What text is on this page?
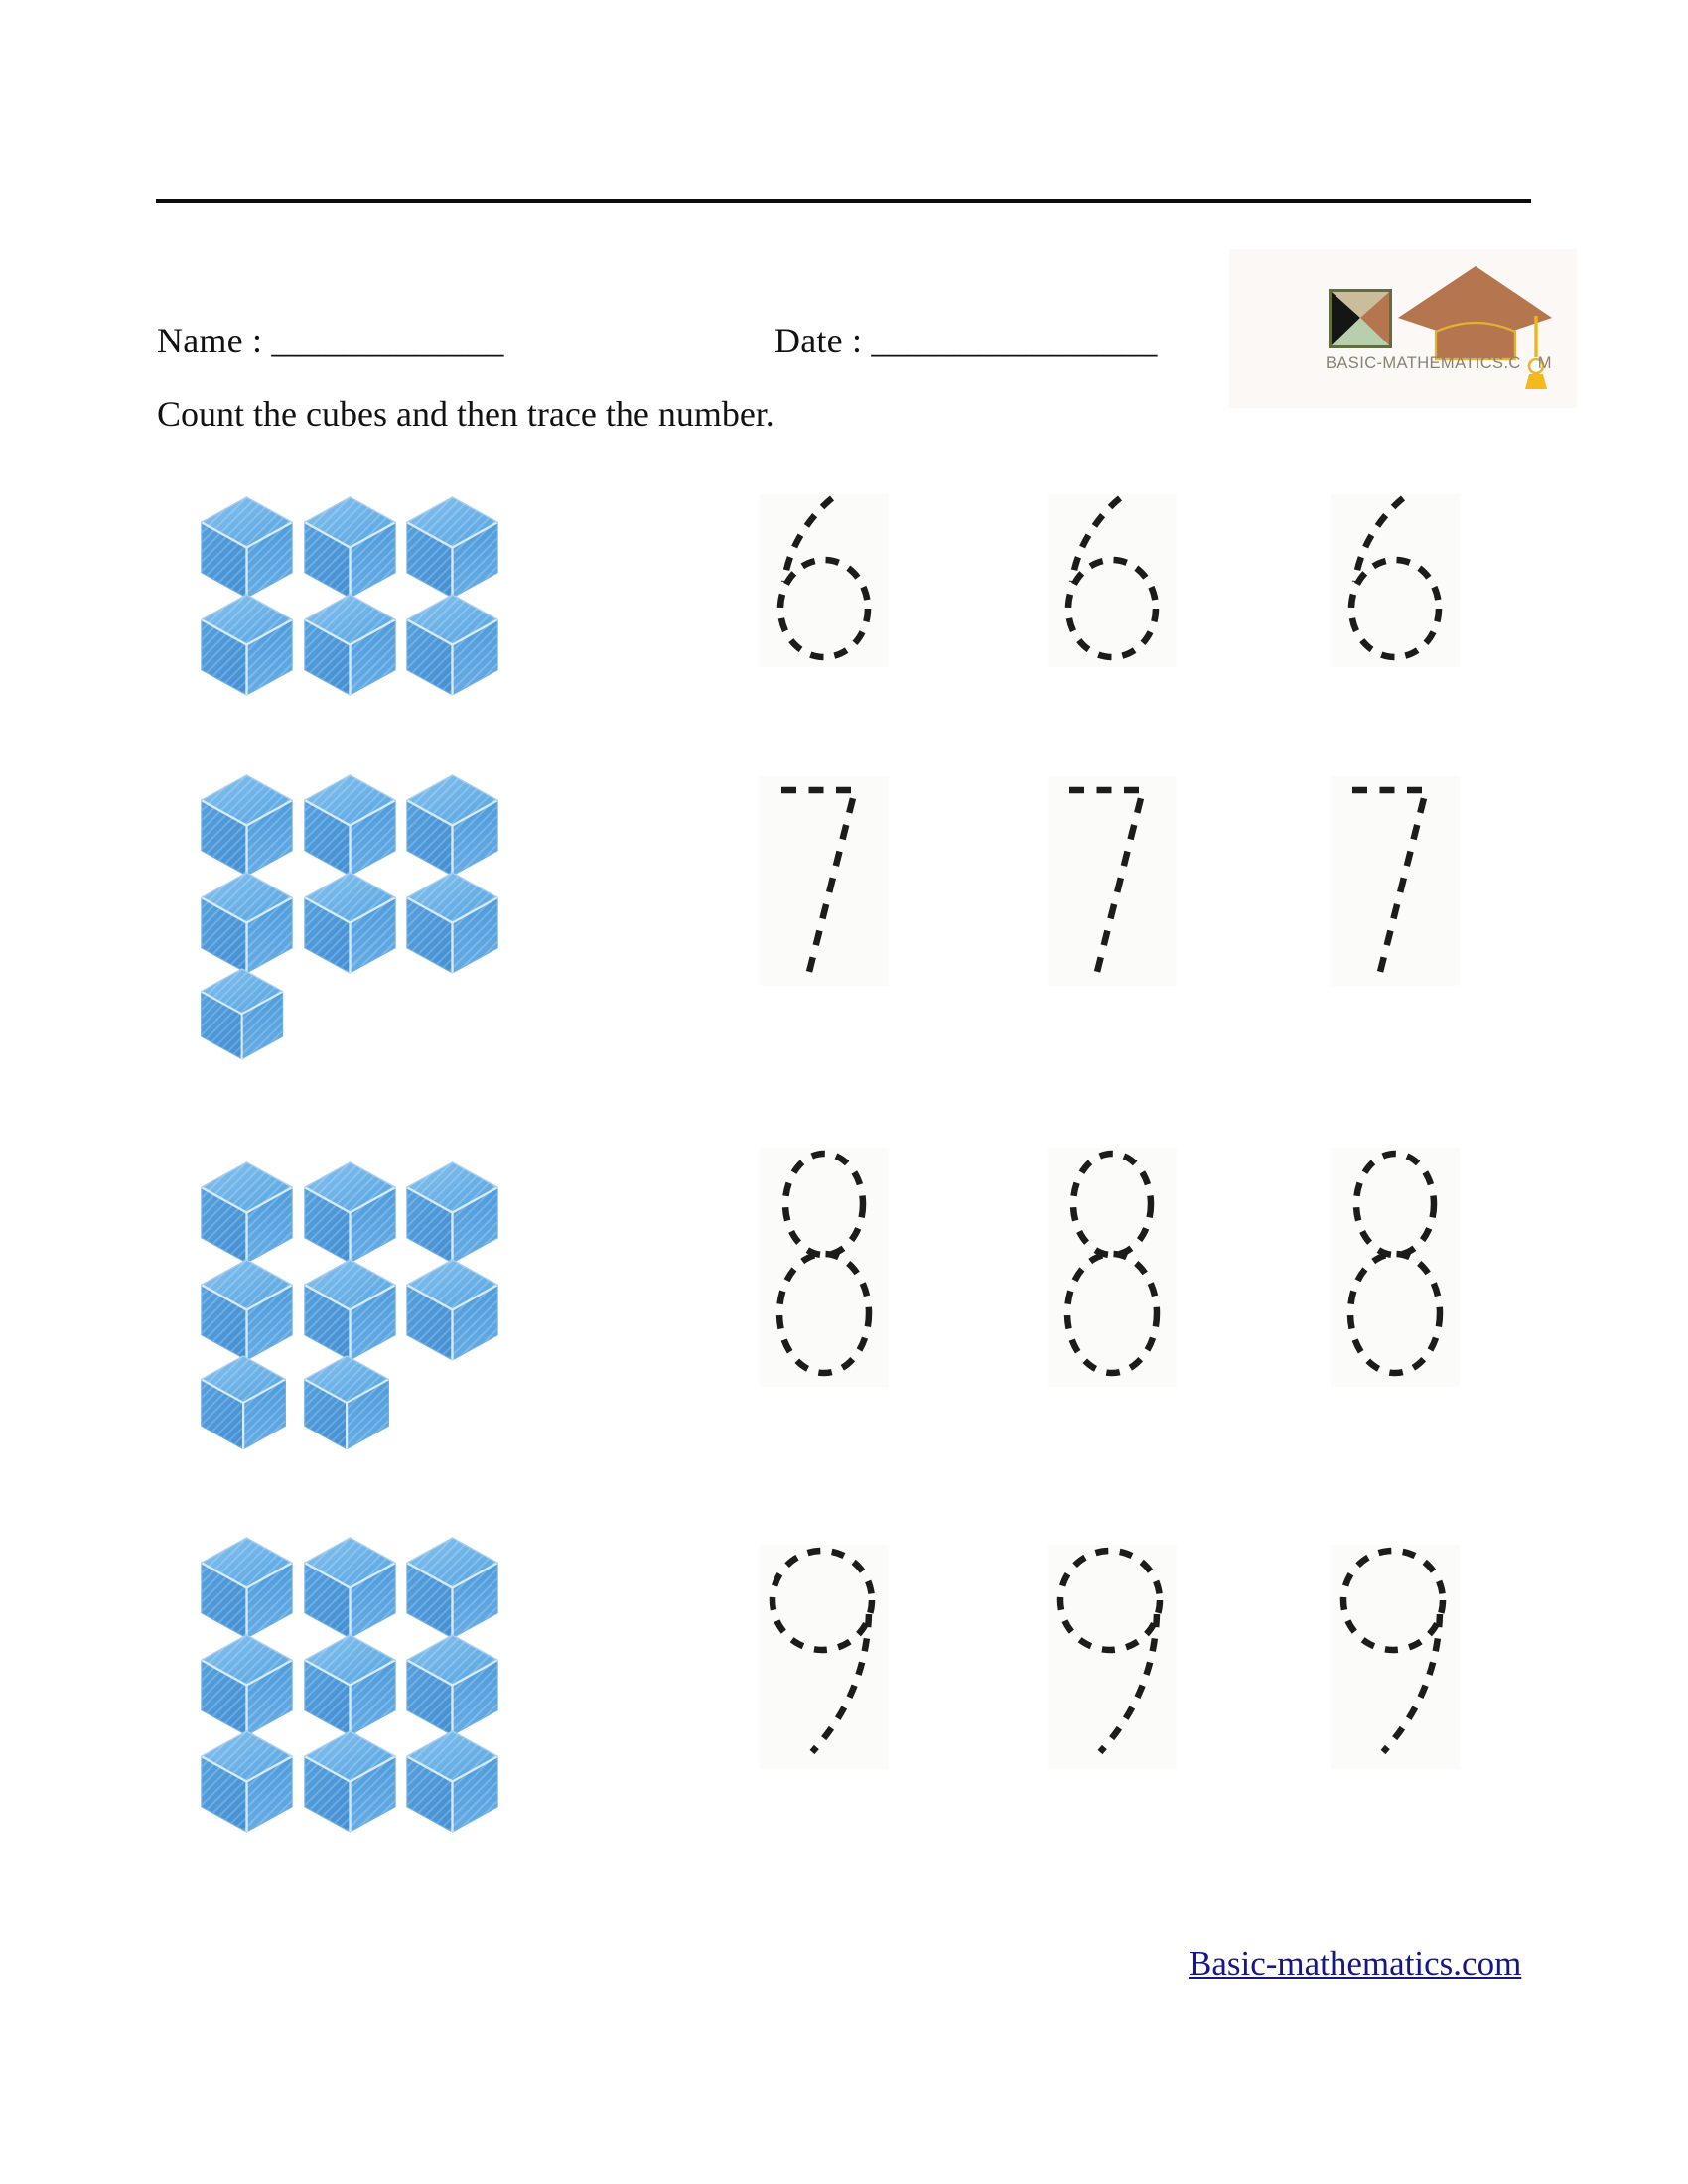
Name : _____________	Date : ________________
BASIC-MATHEMATICS.C M
Count the cubes and then trace the number.
Basic-mathematics.com
